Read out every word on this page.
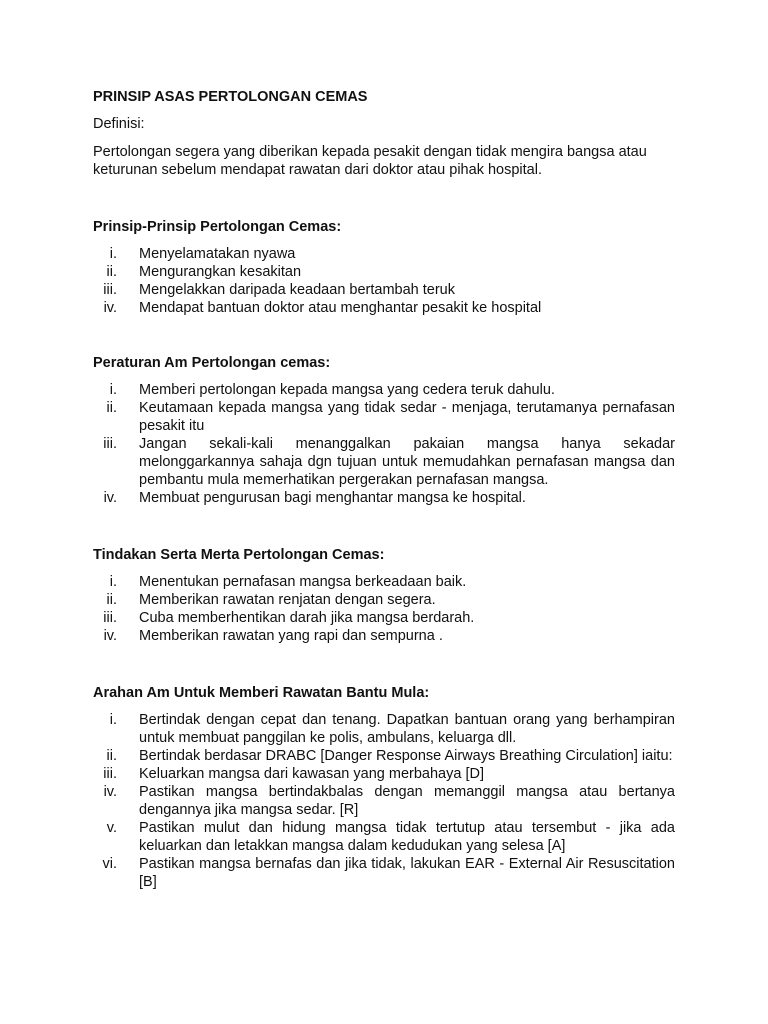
PRINSIP ASAS PERTOLONGAN CEMAS
Definisi:
Pertolongan segera yang diberikan kepada pesakit dengan tidak mengira bangsa atau keturunan sebelum mendapat rawatan dari doktor atau pihak hospital.
Prinsip-Prinsip Pertolongan Cemas:
i. Menyelamatakan nyawa
ii. Mengurangkan kesakitan
iii. Mengelakkan daripada keadaan bertambah teruk
iv. Mendapat bantuan doktor atau menghantar pesakit ke hospital
Peraturan Am Pertolongan cemas:
i. Memberi pertolongan kepada mangsa yang cedera teruk dahulu.
ii. Keutamaan kepada mangsa yang tidak sedar - menjaga, terutamanya pernafasan pesakit itu
iii. Jangan sekali-kali menanggalkan pakaian mangsa hanya sekadar melonggarkannya sahaja dgn tujuan untuk memudahkan pernafasan mangsa dan pembantu mula memerhatikan pergerakan pernafasan mangsa.
iv. Membuat pengurusan bagi menghantar mangsa ke hospital.
Tindakan Serta Merta Pertolongan Cemas:
i. Menentukan pernafasan mangsa berkeadaan baik.
ii. Memberikan rawatan renjatan dengan segera.
iii. Cuba memberhentikan darah jika mangsa berdarah.
iv. Memberikan rawatan yang rapi dan sempurna .
Arahan Am Untuk Memberi Rawatan Bantu Mula:
i. Bertindak dengan cepat dan tenang. Dapatkan bantuan orang yang berhampiran untuk membuat panggilan ke polis, ambulans, keluarga dll.
ii. Bertindak berdasar DRABC [Danger Response Airways Breathing Circulation] iaitu:
iii. Keluarkan mangsa dari kawasan yang merbahaya [D]
iv. Pastikan mangsa bertindakbalas dengan memanggil mangsa atau bertanya dengannya jika mangsa sedar. [R]
v. Pastikan mulut dan hidung mangsa tidak tertutup atau tersembut - jika ada keluarkan dan letakkan mangsa dalam kedudukan yang selesa [A]
vi. Pastikan mangsa bernafas dan jika tidak, lakukan EAR - External Air Resuscitation [B]
